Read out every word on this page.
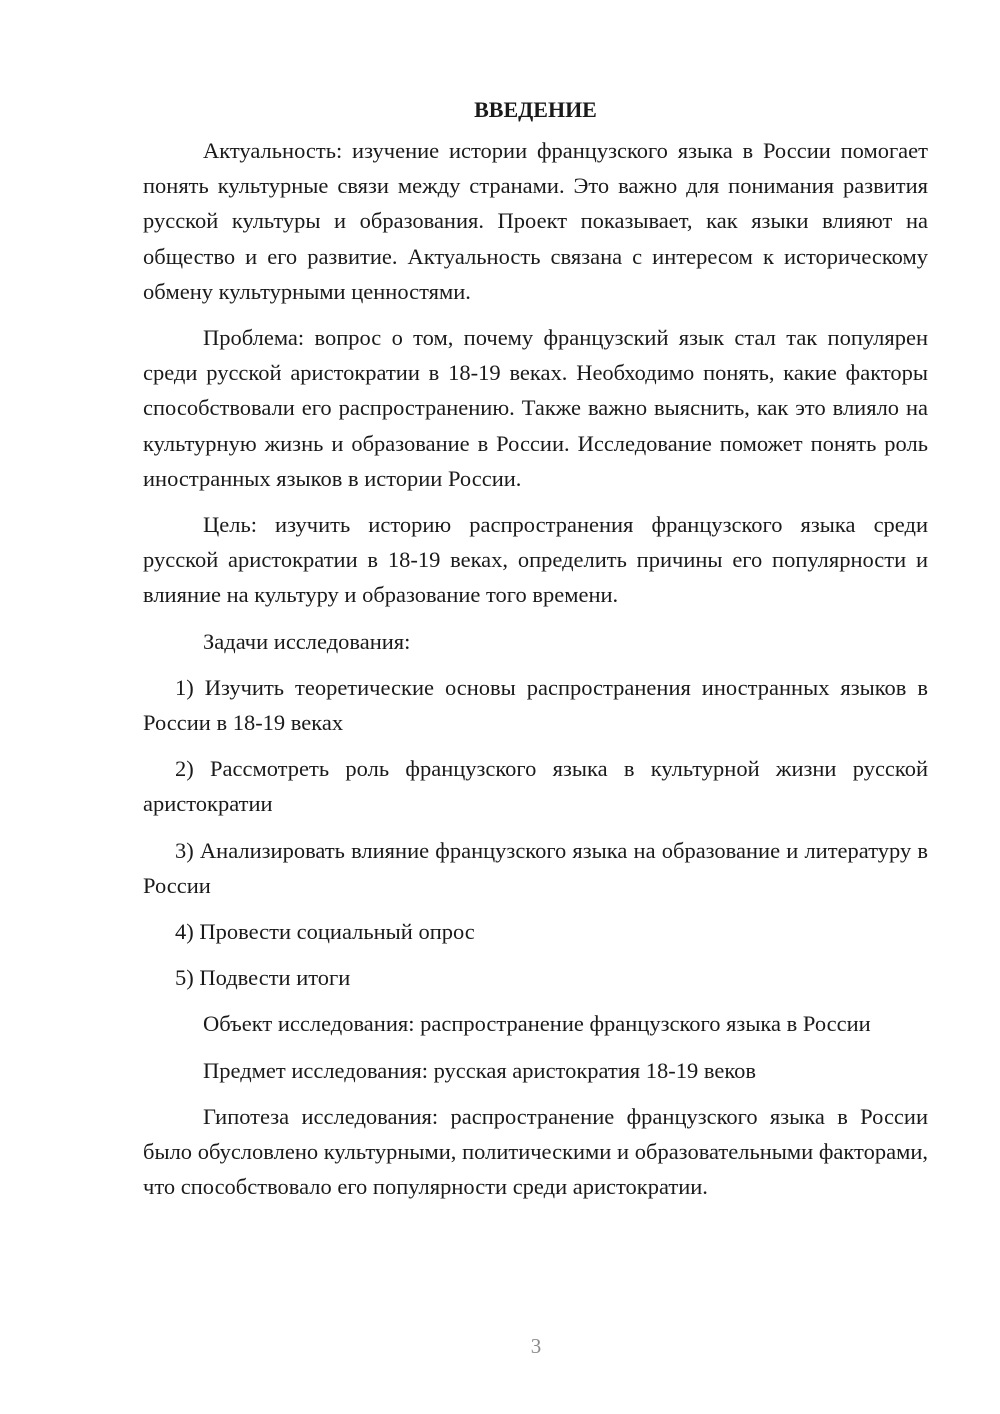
ВВЕДЕНИЕ

Актуальность: изучение истории французского языка в России помогает понять культурные связи между странами. Это важно для понимания развития русской культуры и образования. Проект показывает, как языки влияют на общество и его развитие. Актуальность связана с интересом к историческому обмену культурными ценностями.

Проблема: вопрос о том, почему французский язык стал так популярен среди русской аристократии в 18-19 веках. Необходимо понять, какие факторы способствовали его распространению. Также важно выяснить, как это влияло на культурную жизнь и образование в России. Исследование поможет понять роль иностранных языков в истории России.

Цель: изучить историю распространения французского языка среди русской аристократии в 18-19 веках, определить причины его популярности и влияние на культуру и образование того времени.

Задачи исследования:

1) Изучить теоретические основы распространения иностранных языков в России в 18-19 веках

2) Рассмотреть роль французского языка в культурной жизни русской аристократии

3) Анализировать влияние французского языка на образование и литературу в России

4) Провести социальный опрос

5) Подвести итоги

Объект исследования: распространение французского языка в России

Предмет исследования: русская аристократия 18-19 веков

Гипотеза исследования: распространение французского языка в России было обусловлено культурными, политическими и образовательными факторами, что способствовало его популярности среди аристократии.

3
